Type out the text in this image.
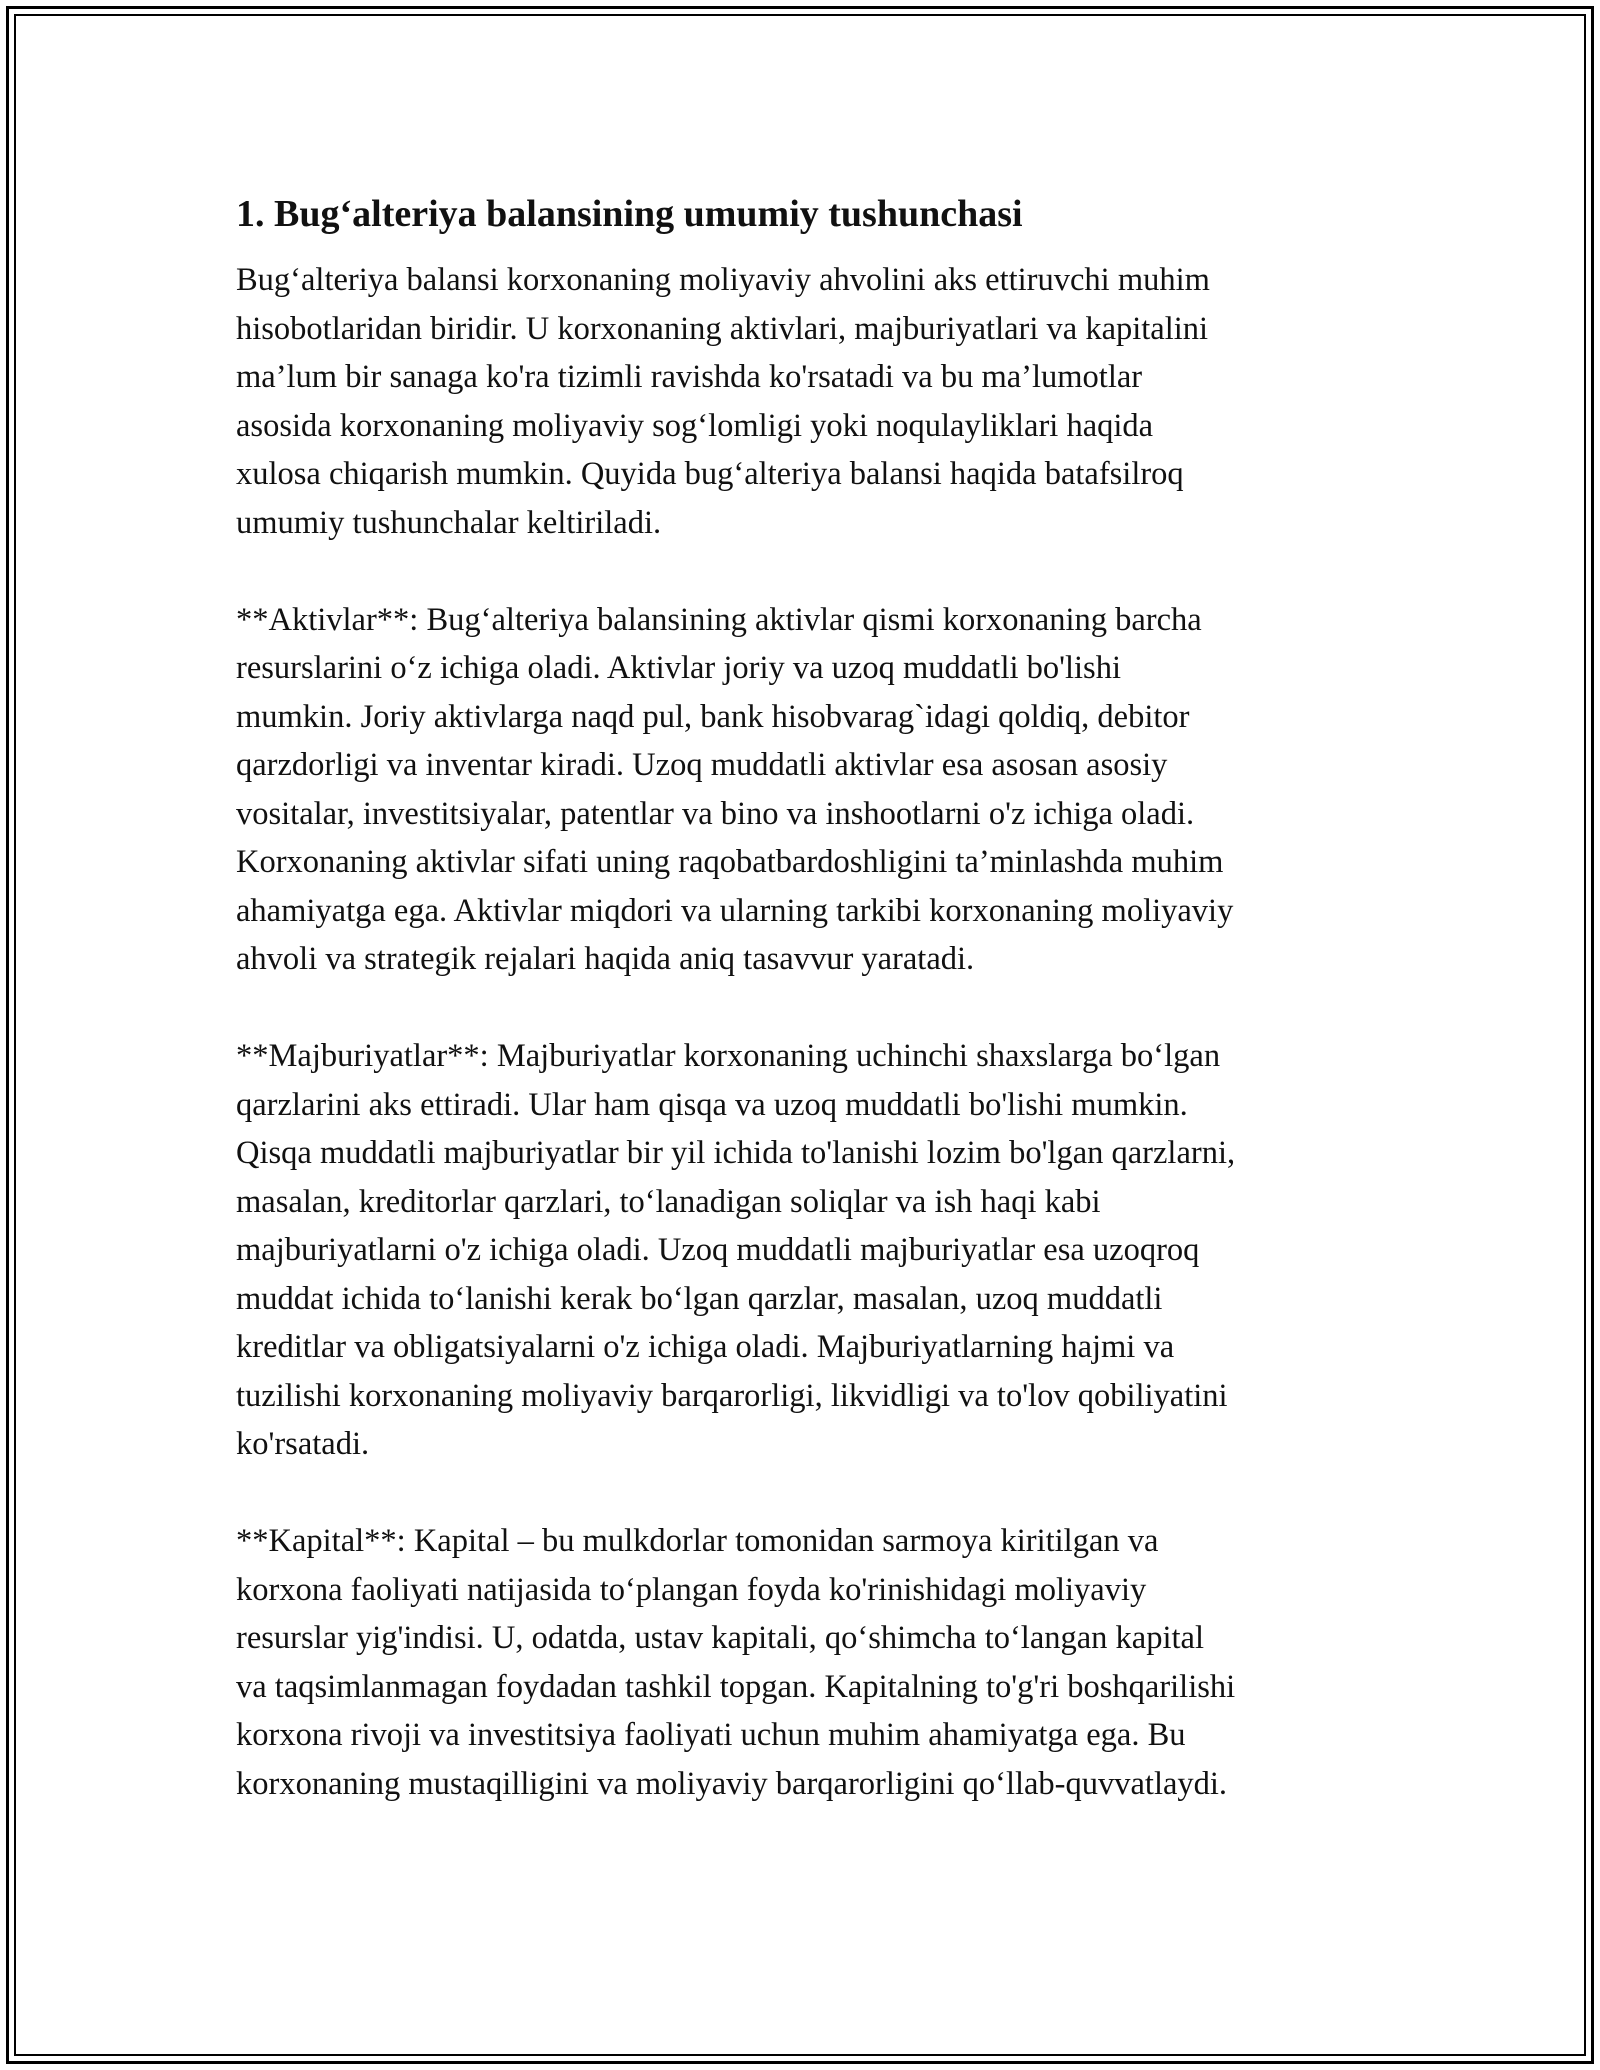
1. Bug‘alteriya balansining umumiy tushunchasi
Bug‘alteriya balansi korxonaning moliyaviy ahvolini aks ettiruvchi muhim
hisobotlaridan biridir. U korxonaning aktivlari, majburiyatlari va kapitalini
ma’lum bir sanaga ko'ra tizimli ravishda ko'rsatadi va bu ma’lumotlar
asosida korxonaning moliyaviy sog‘lomligi yoki noqulayliklari haqida
xulosa chiqarish mumkin. Quyida bug‘alteriya balansi haqida batafsilroq
umumiy tushunchalar keltiriladi.
**Aktivlar**: Bug‘alteriya balansining aktivlar qismi korxonaning barcha
resurslarini o‘z ichiga oladi. Aktivlar joriy va uzoq muddatli bo'lishi
mumkin. Joriy aktivlarga naqd pul, bank hisobvarag`idagi qoldiq, debitor
qarzdorligi va inventar kiradi. Uzoq muddatli aktivlar esa asosan asosiy
vositalar, investitsiyalar, patentlar va bino va inshootlarni o'z ichiga oladi.
Korxonaning aktivlar sifati uning raqobatbardoshligini ta’minlashda muhim
ahamiyatga ega. Aktivlar miqdori va ularning tarkibi korxonaning moliyaviy
ahvoli va strategik rejalari haqida aniq tasavvur yaratadi.
**Majburiyatlar**: Majburiyatlar korxonaning uchinchi shaxslarga bo‘lgan
qarzlarini aks ettiradi. Ular ham qisqa va uzoq muddatli bo'lishi mumkin.
Qisqa muddatli majburiyatlar bir yil ichida to'lanishi lozim bo'lgan qarzlarni,
masalan, kreditorlar qarzlari, to‘lanadigan soliqlar va ish haqi kabi
majburiyatlarni o'z ichiga oladi. Uzoq muddatli majburiyatlar esa uzoqroq
muddat ichida to‘lanishi kerak bo‘lgan qarzlar, masalan, uzoq muddatli
kreditlar va obligatsiyalarni o'z ichiga oladi. Majburiyatlarning hajmi va
tuzilishi korxonaning moliyaviy barqarorligi, likvidligi va to'lov qobiliyatini
ko'rsatadi.
**Kapital**: Kapital – bu mulkdorlar tomonidan sarmoya kiritilgan va
korxona faoliyati natijasida to‘plangan foyda ko'rinishidagi moliyaviy
resurslar yig'indisi. U, odatda, ustav kapitali, qo‘shimcha to‘langan kapital
va taqsimlanmagan foydadan tashkil topgan. Kapitalning to'g'ri boshqarilishi
korxona rivoji va investitsiya faoliyati uchun muhim ahamiyatga ega. Bu
korxonaning mustaqilligini va moliyaviy barqarorligini qo‘llab-quvvatlaydi.
